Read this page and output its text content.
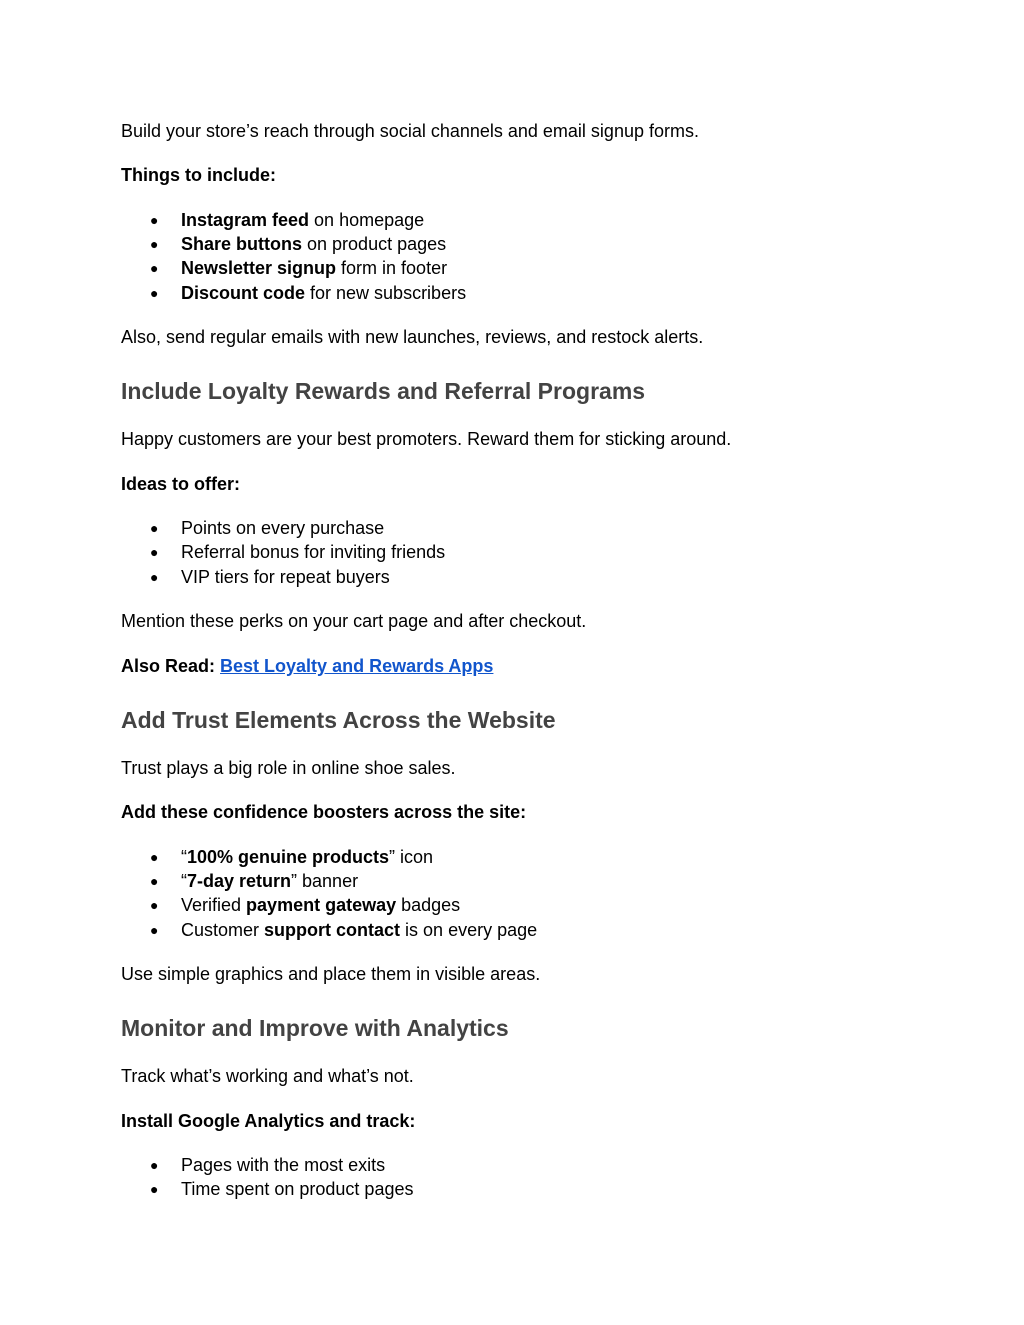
Build your store’s reach through social channels and email signup forms.
Things to include:
● Instagram feed on homepage
● Share buttons on product pages
● Newsletter signup form in footer
● Discount code for new subscribers
Also, send regular emails with new launches, reviews, and restock alerts.
Include Loyalty Rewards and Referral Programs
Happy customers are your best promoters. Reward them for sticking around.
Ideas to offer:
● Points on every purchase
● Referral bonus for inviting friends
● VIP tiers for repeat buyers
Mention these perks on your cart page and after checkout.
Also Read: Best Loyalty and Rewards Apps
Add Trust Elements Across the Website
Trust plays a big role in online shoe sales.
Add these confidence boosters across the site:
● “100% genuine products” icon
● “7-day return” banner
● Verified payment gateway badges
● Customer support contact is on every page
Use simple graphics and place them in visible areas.
Monitor and Improve with Analytics
Track what’s working and what’s not.
Install Google Analytics and track:
● Pages with the most exits
● Time spent on product pages
